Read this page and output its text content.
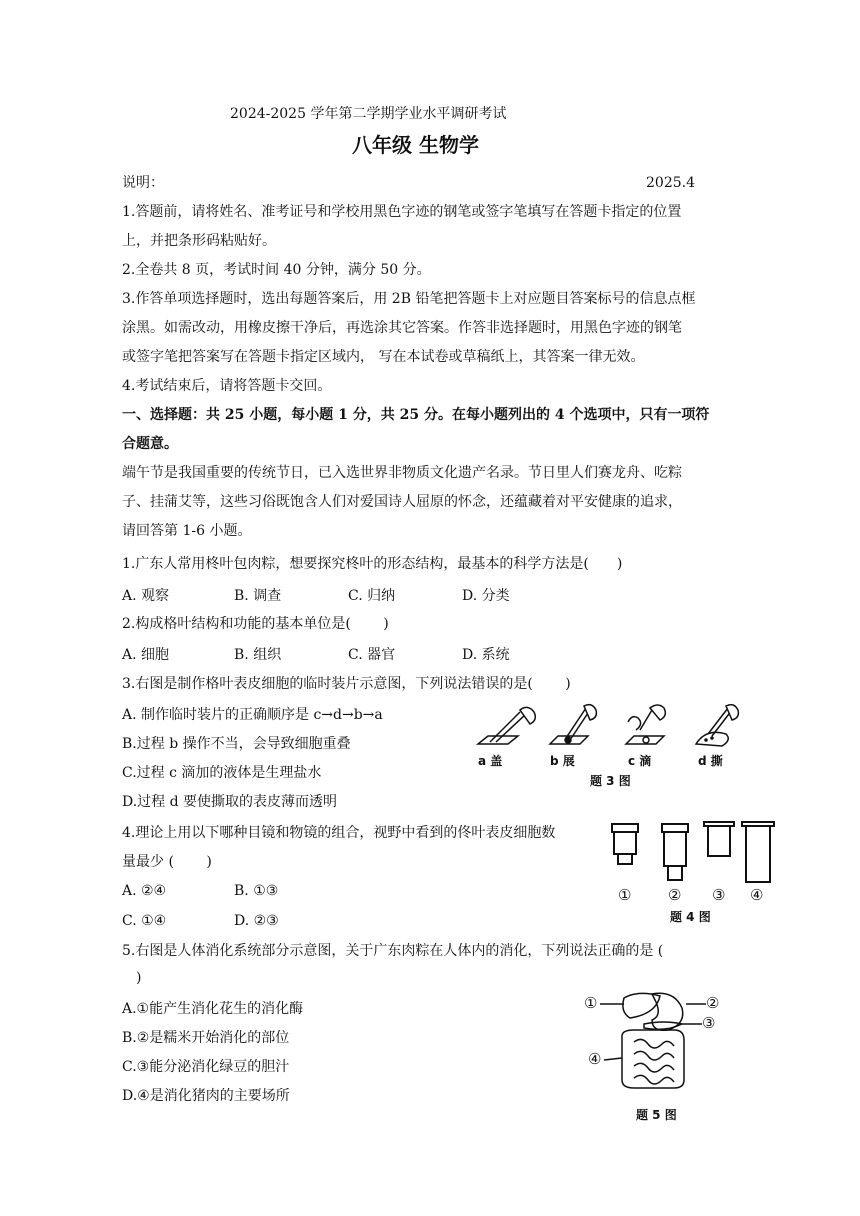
2024-2025 学年第二学期学业水平调研考试
八年级 生物学
说明：	2025.4
1.答题前，请将姓名、准考证号和学校用黑色字迹的钢笔或签字笔填写在答题卡指定的位置
上，并把条形码粘贴好。
2.全卷共 8 页，考试时间 40 分钟，满分 50 分。
3.作答单项选择题时，选出每题答案后，用 2B 铅笔把答题卡上对应题目答案标号的信息点框
涂黑。如需改动，用橡皮擦干净后，再选涂其它答案。作答非选择题时，用黑色字迹的钢笔
或签字笔把答案写在答题卡指定区域内， 写在本试卷或草稿纸上，其答案一律无效。
4.考试结束后，请将答题卡交回。
一、选择题：共 25 小题，每小题 1 分，共 25 分。在每小题列出的 4 个选项中，只有一项符
合题意。
端午节是我国重要的传统节日，已入选世界非物质文化遗产名录。节日里人们赛龙舟、吃粽
子、挂蒲艾等，这些习俗既饱含人们对爱国诗人屈原的怀念，还蕴藏着对平安健康的追求，
请回答第 1-6 小题。
1.广东人常用柊叶包肉粽，想要探究柊叶的形态结构，最基本的科学方法是(　　)
A. 观察	B. 调查	C. 归纳	D. 分类
2.构成格叶结构和功能的基本单位是(　　 )
A. 细胞	B. 组织	C. 器官	D. 系统
3.右图是制作格叶表皮细胞的临时装片示意图，下列说法错误的是(　　 )
A. 制作临时装片的正确顺序是 c→d→b→a
B.过程 b 操作不当，会导致细胞重叠
C.过程 c 滴加的液体是生理盐水
D.过程 d 要使撕取的表皮薄而透明
a 盖	b 展	c 滴	d 撕
题 3 图
4.理论上用以下哪种目镜和物镜的组合，视野中看到的佟叶表皮细胞数
量最少 (　　 )
A. ②④	B. ①③
C. ①④	D. ②③
① ② ③ ④
题 4 图
5.右图是人体消化系统部分示意图，关于广东肉粽在人体内的消化，下列说法正确的是 (
　)
A.①能产生消化花生的消化酶
B.②是糯米开始消化的部位
C.③能分泌消化绿豆的胆汁
D.④是消化猪肉的主要场所
①	②
③
④
题 5 图
